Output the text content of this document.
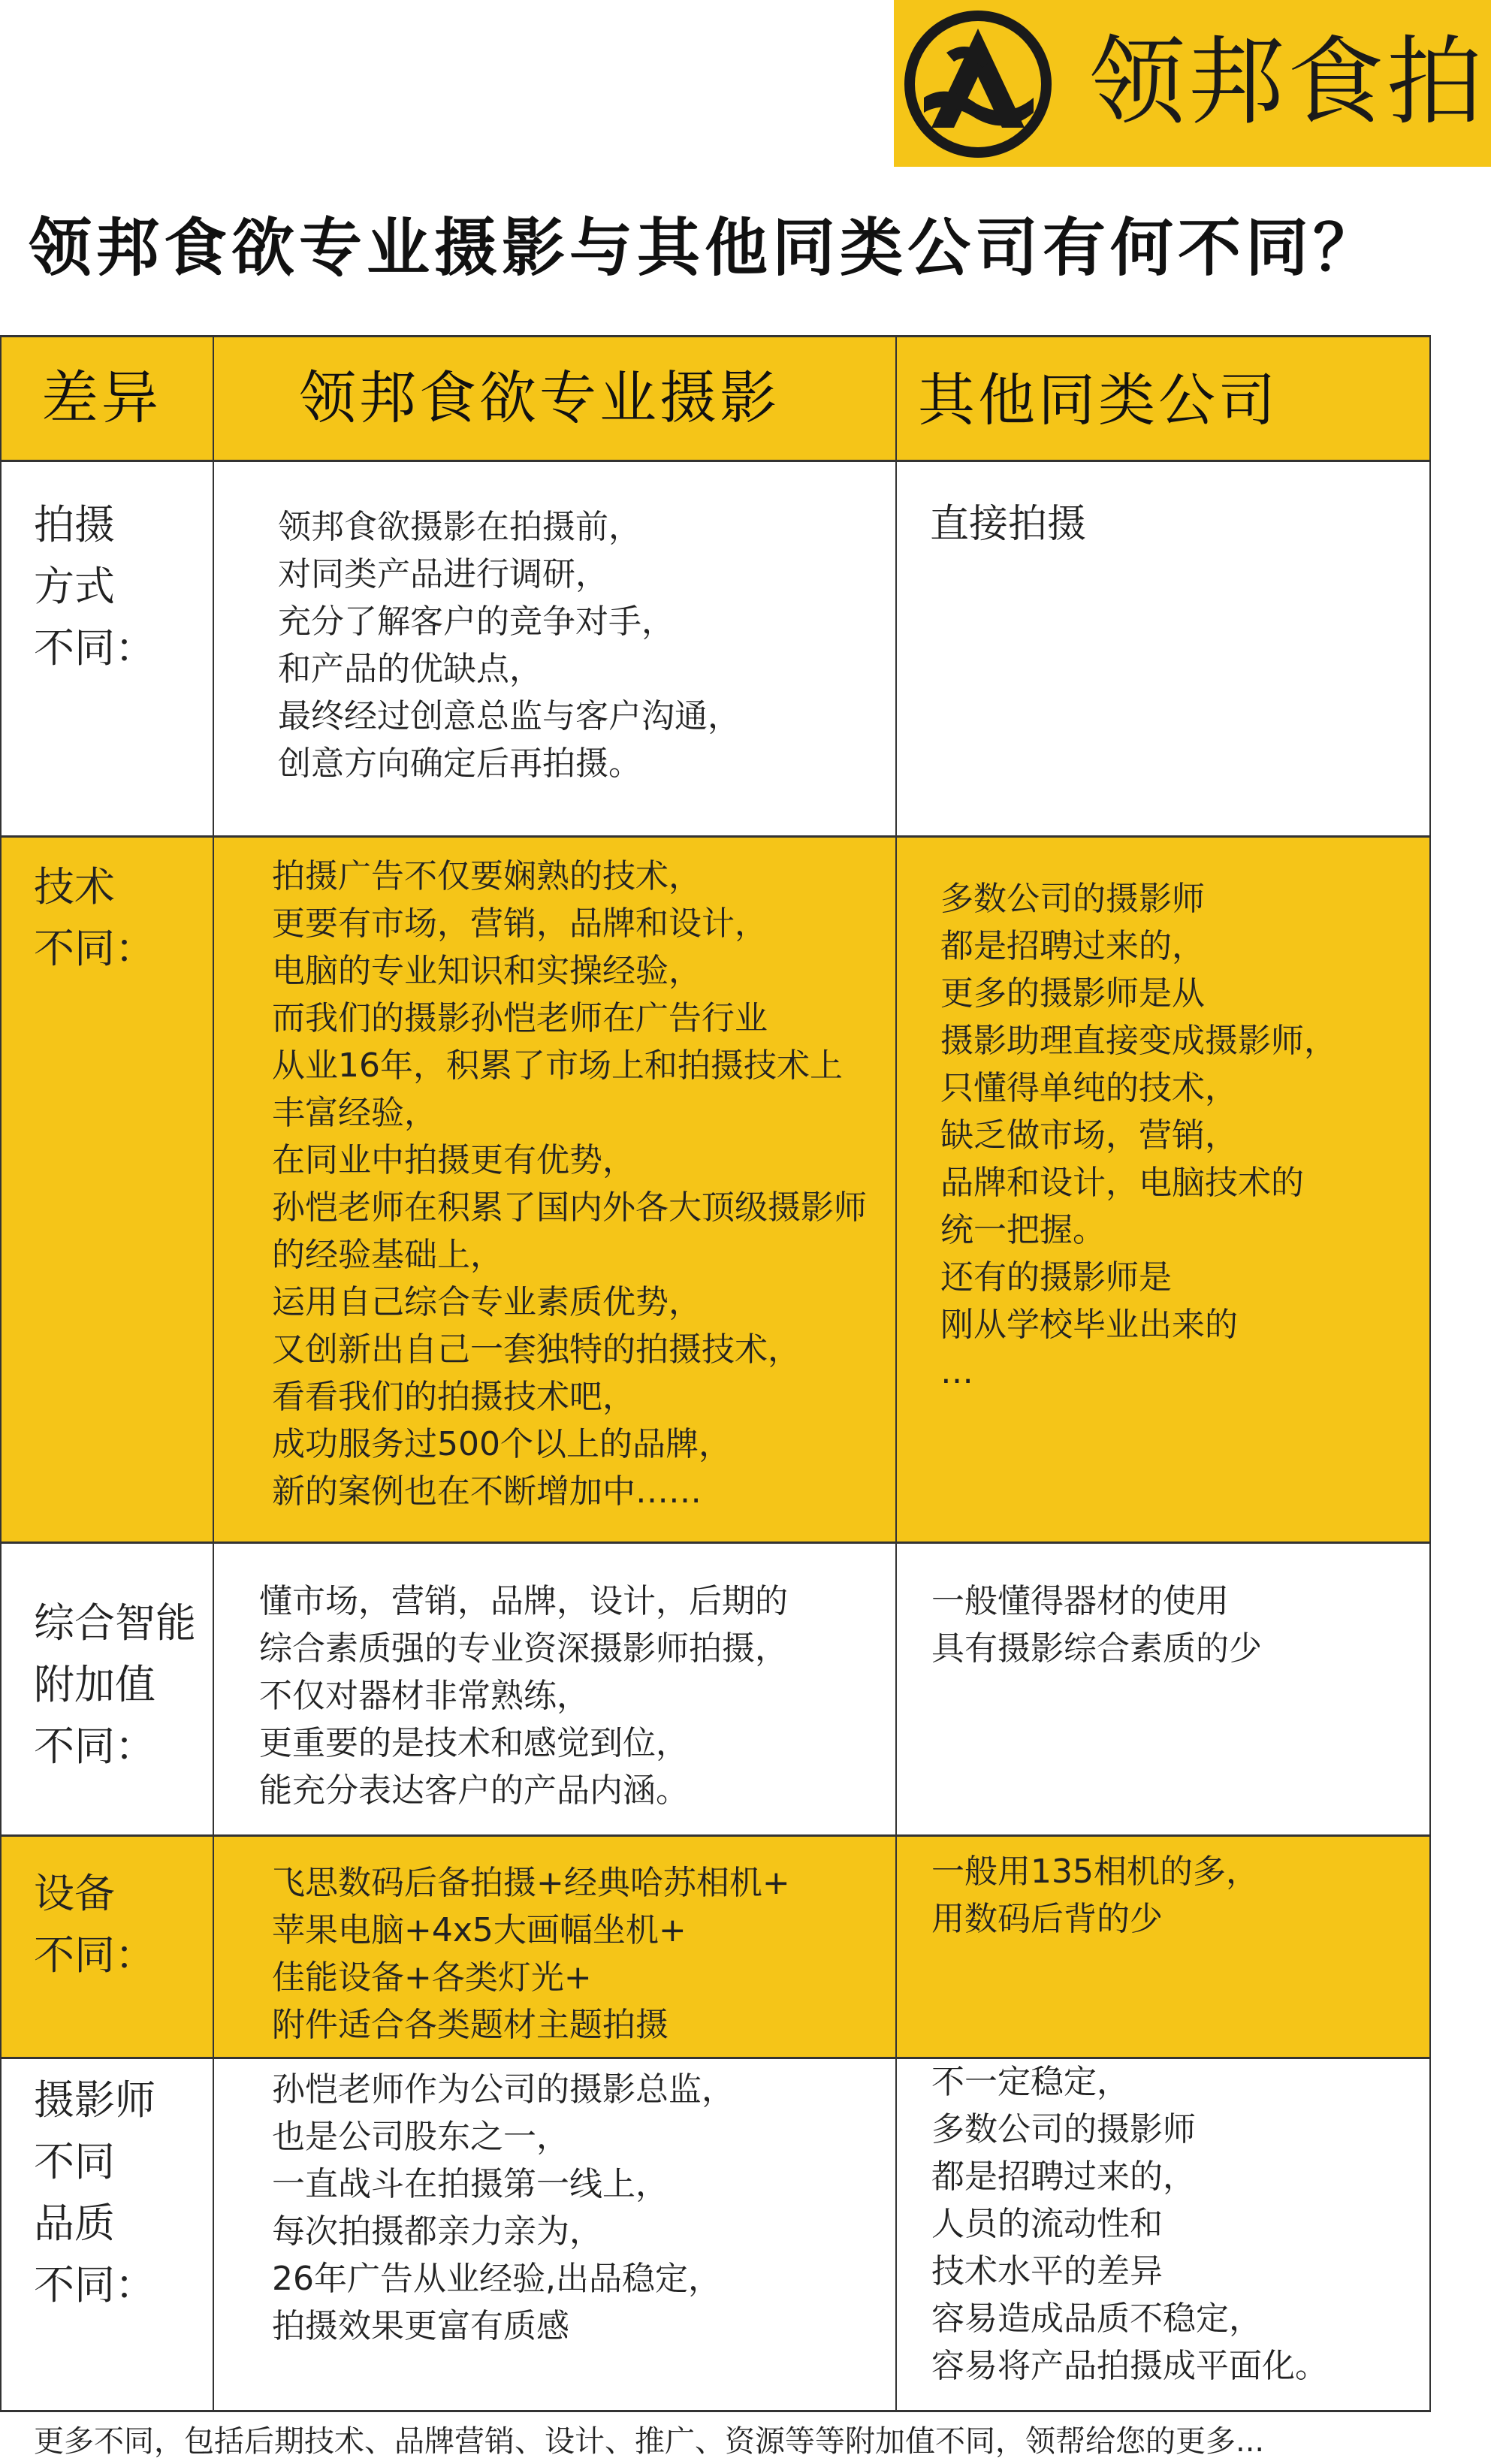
领邦食拍
领邦食欲专业摄影与其他同类公司有何不同？
差异 领邦食欲专业摄影 其他同类公司
拍摄
方式
不同：
领邦食欲摄影在拍摄前，
对同类产品进行调研，
充分了解客户的竞争对手，
和产品的优缺点，
最终经过创意总监与客户沟通，
创意方向确定后再拍摄。
直接拍摄
技术
不同：
拍摄广告不仅要娴熟的技术，
更要有市场，营销，品牌和设计，
电脑的专业知识和实操经验，
而我们的摄影孙恺老师在广告行业
从业16年，积累了市场上和拍摄技术上
丰富经验，
在同业中拍摄更有优势，
孙恺老师在积累了国内外各大顶级摄影师
的经验基础上，
运用自己综合专业素质优势，
又创新出自己一套独特的拍摄技术，
看看我们的拍摄技术吧，
成功服务过500个以上的品牌，
新的案例也在不断增加中……
多数公司的摄影师
都是招聘过来的，
更多的摄影师是从
摄影助理直接变成摄影师，
只懂得单纯的技术，
缺乏做市场，营销，
品牌和设计，电脑技术的
统一把握。
还有的摄影师是
刚从学校毕业出来的
…
综合智能
附加值
不同：
懂市场，营销，品牌，设计，后期的
综合素质强的专业资深摄影师拍摄，
不仅对器材非常熟练，
更重要的是技术和感觉到位，
能充分表达客户的产品内涵。
一般懂得器材的使用
具有摄影综合素质的少
设备
不同：
飞思数码后备拍摄+经典哈苏相机+
苹果电脑+4x5大画幅坐机+
佳能设备+各类灯光+
附件适合各类题材主题拍摄
一般用135相机的多，
用数码后背的少
摄影师
不同
品质
不同：
孙恺老师作为公司的摄影总监，
也是公司股东之一，
一直战斗在拍摄第一线上，
每次拍摄都亲力亲为，
26年广告从业经验,出品稳定，
拍摄效果更富有质感
不一定稳定，
多数公司的摄影师
都是招聘过来的，
人员的流动性和
技术水平的差异
容易造成品质不稳定，
容易将产品拍摄成平面化。
更多不同，包括后期技术、品牌营销、设计、推广、资源等等附加值不同，领帮给您的更多...
